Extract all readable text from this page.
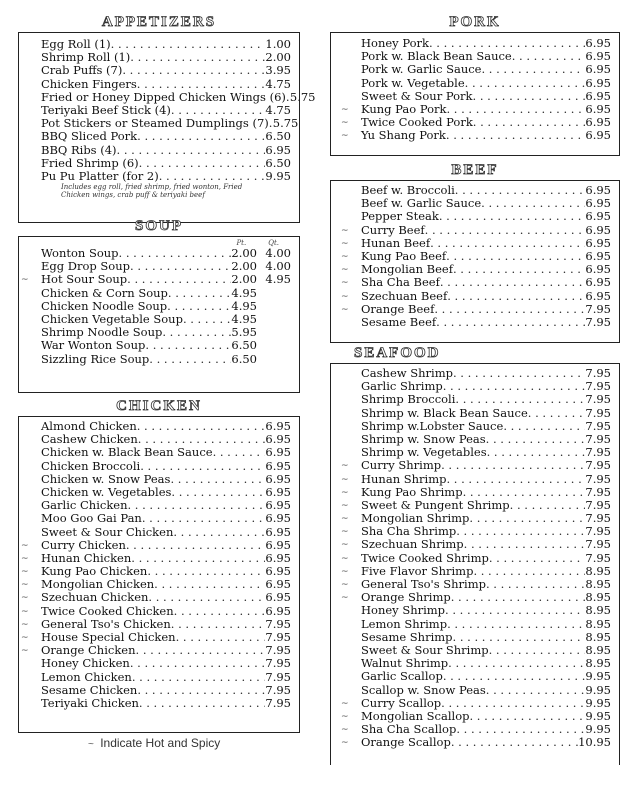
APPETIZERS
Egg Roll (1) . . .	1.00
Shrimp Roll (1) . . .	2.00
Crab Puffs (7) . . .	3.95
Chicken Fingers . . .	4.75
Fried or Honey Dipped Chicken Wings (6) . . . 5.75
Teriyaki Beef Stick (4) . . .	4.75
Pot Stickers or Steamed Dumplings (7) . . . 5.75
BBQ Sliced Pork . . .	6.50
BBQ Ribs (4) . . .	6.95
Fried Shrimp (6) . . .	6.50
Pu Pu Platter (for 2) . . .	9.95
Includes egg roll, fried shrimp, fried wonton, Fried Chicken wings, crab puff & teriyaki beef
SOUP
Pt.	Qt.
Wonton Soup . . .	2.00 4.00
Egg Drop Soup . . .	2.00 4.00
~ Hot Sour Soup . . .	2.00 4.95
Chicken & Corn Soup . . .	4.95
Chicken Noodle Soup . . .	4.95
Chicken Vegetable Soup . . .	4.95
Shrimp Noodle Soup . . .	5.95
War Wonton Soup . . .	6.50
Sizzling Rice Soup . . .	6.50
CHICKEN
Almond Chicken . . .	6.95
Cashew Chicken . . .	6.95
Chicken w. Black Bean Sauce . . .	6.95
Chicken Broccoli . . .	6.95
Chicken w. Snow Peas . . .	6.95
Chicken w. Vegetables . . .	6.95
Garlic Chicken . . .	6.95
Moo Goo Gai Pan . . .	6.95
Sweet & Sour Chicken . . .	6.95
~ Curry Chicken . . .	6.95
~ Hunan Chicken . . .	6.95
~ Kung Pao Chicken . . .	6.95
~ Mongolian Chicken . . .	6.95
~ Szechuan Chicken . . .	6.95
~ Twice Cooked Chicken . . .	6.95
~ General Tso's Chicken . . .	7.95
~ House Special Chicken . . .	7.95
~ Orange Chicken . . .	7.95
Honey Chicken . . .	7.95
Lemon Chicken . . .	7.95
Sesame Chicken . . .	7.95
Teriyaki Chicken . . .	7.95
~ Indicate Hot and Spicy
PORK
Honey Pork . . .	6.95
Pork w. Black Bean Sauce . . .	6.95
Pork w. Garlic Sauce . . .	6.95
Pork w. Vegetable . . .	6.95
Sweet & Sour Pork . . .	6.95
~ Kung Pao Pork . . .	6.95
~ Twice Cooked Pork . . .	6.95
~ Yu Shang Pork . . .	6.95
BEEF
Beef w. Broccoli . . .	6.95
Beef w. Garlic Sauce . . .	6.95
Pepper Steak . . .	6.95
~ Curry Beef . . .	6.95
~ Hunan Beef . . .	6.95
~ Kung Pao Beef . . .	6.95
~ Mongolian Beef . . .	6.95
~ Sha Cha Beef . . .	6.95
~ Szechuan Beef . . .	6.95
~ Orange Beef . . .	7.95
Sesame Beef . . .	7.95
SEAFOOD
Cashew Shrimp . . .	7.95
Garlic Shrimp . . .	7.95
Shrimp Broccoli . . .	7.95
Shrimp w. Black Bean Sauce . . .	7.95
Shrimp w.Lobster Sauce . . .	7.95
Shrimp w. Snow Peas . . .	7.95
Shrimp w. Vegetables . . .	7.95
~ Curry Shrimp . . .	7.95
~ Hunan Shrimp . . .	7.95
~ Kung Pao Shrimp . . .	7.95
~ Sweet & Pungent Shrimp . . .	7.95
~ Mongolian Shrimp . . .	7.95
~ Sha Cha Shrimp . . .	7.95
~ Szechuan Shrimp . . .	7.95
~ Twice Cooked Shrimp . . .	7.95
~ Five Flavor Shrimp . . .	8.95
~ General Tso's Shrimp . . .	8.95
~ Orange Shrimp . . .	8.95
Honey Shrimp . . .	8.95
Lemon Shrimp . . .	8.95
Sesame Shrimp . . .	8.95
Sweet & Sour Shrimp . . .	8.95
Walnut Shrimp . . .	8.95
Garlic Scallop . . .	9.95
Scallop w. Snow Peas . . .	9.95
~ Curry Scallop . . .	9.95
~ Mongolian Scallop . . .	9.95
~ Sha Cha Scallop . . .	9.95
~ Orange Scallop . . .	10.95
